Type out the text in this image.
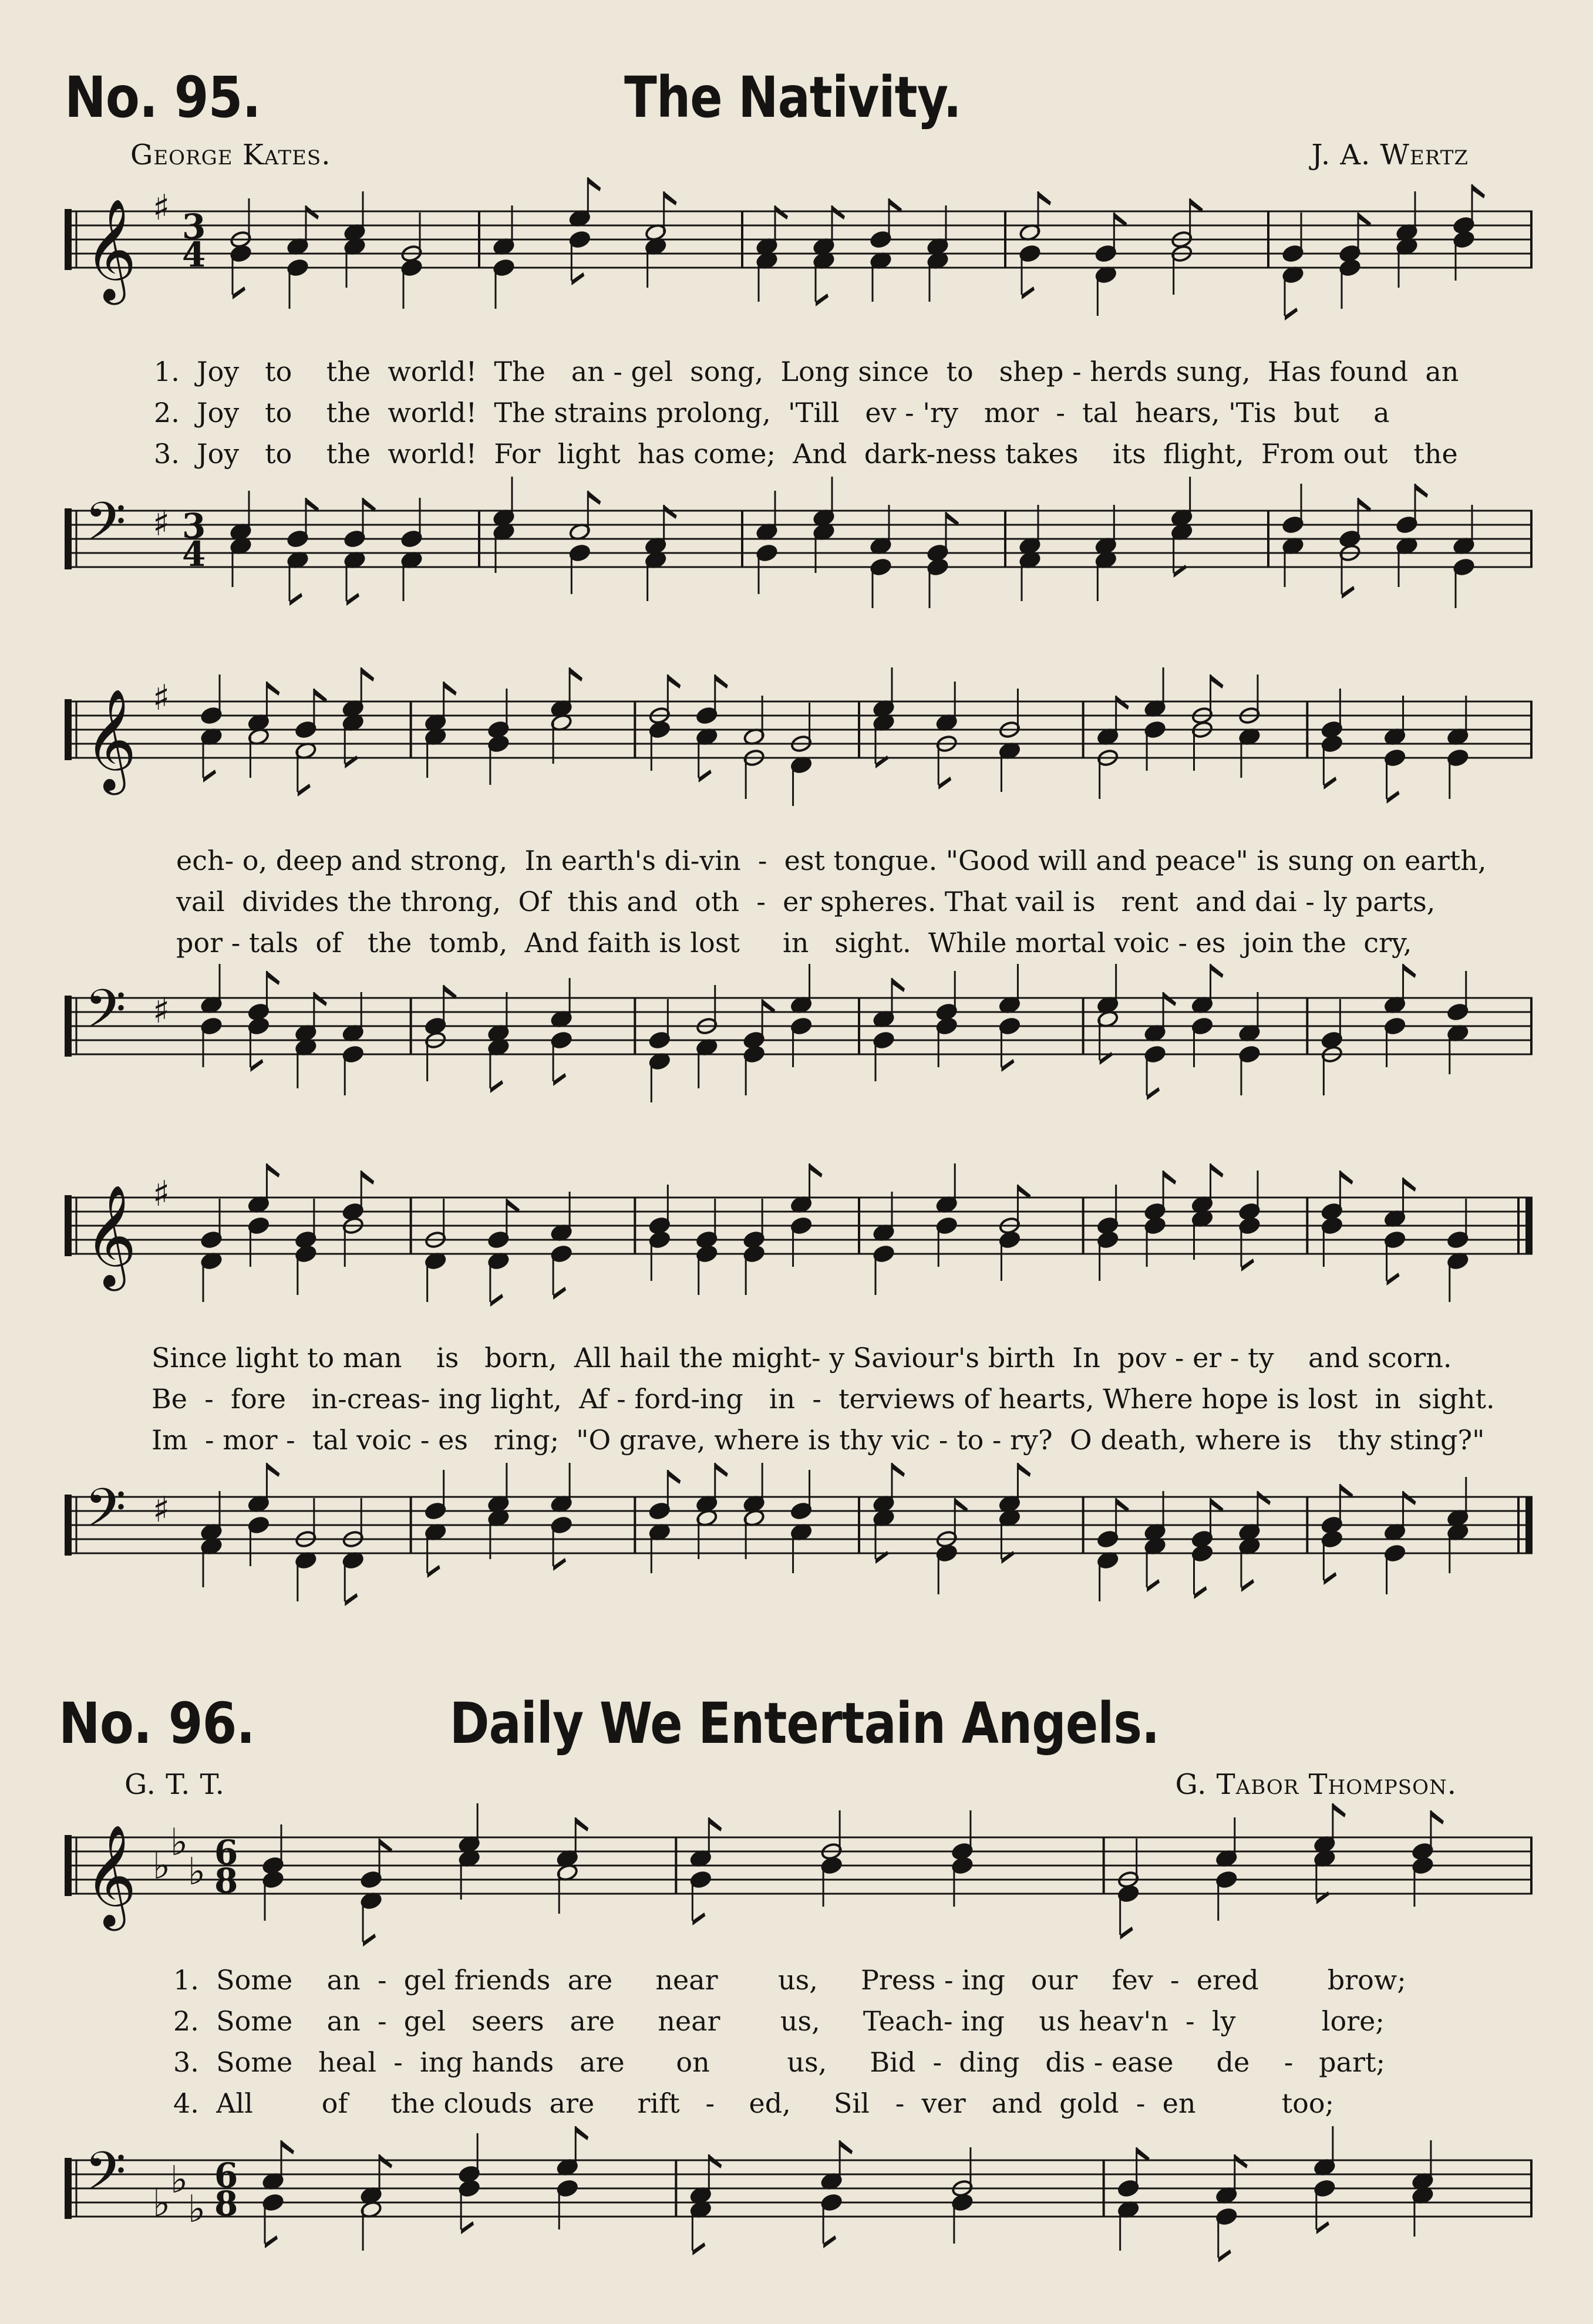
No. 95.	The Nativity.
George Kates.	J. A. Wertz
𝄞 ♯ 3
4
1.  Joy   to    the  world!  The   an - gel  song,  Long since  to   shep - herds sung,  Has found  an
2.  Joy   to    the  world!  The strains prolong,  'Till   ev - 'ry   mor  -  tal  hears, 'Tis  but    a
3.  Joy   to    the  world!  For  light  has come;  And  dark-ness takes    its  flight,  From out   the
𝄢 ♯ 3
4
𝄞 ♯
ech- o, deep and strong,  In earth's di-vin  -  est tongue. "Good will and peace" is sung on earth,
vail  divides the throng,  Of  this and  oth  -  er spheres. That vail is   rent  and dai - ly parts,
por - tals  of   the  tomb,  And faith is lost     in   sight.  While mortal voic - es  join the  cry,
𝄢 ♯
𝄞 ♯
Since light to man    is   born,  All hail the might- y Saviour's birth  In  pov - er - ty    and scorn.
Be  -  fore   in-creas- ing light,  Af - ford-ing   in  -  terviews of hearts, Where hope is lost  in  sight.
Im  - mor -  tal voic - es   ring;  "O grave, where is thy vic - to - ry?  O death, where is   thy sting?"
𝄢 ♯
No. 96.	Daily We Entertain Angels.
G. T. T.	G. Tabor Thompson.
𝄞 ♭
♭
♭ 6
8
1.  Some    an  -  gel friends  are     near       us,     Press - ing   our    fev  -  ered        brow;
2.  Some    an  -  gel   seers   are     near       us,     Teach- ing    us heav'n  -  ly          lore;
3.  Some   heal  -  ing hands   are      on         us,     Bid  -  ding   dis - ease     de    -   part;
4.  All        of     the clouds  are     rift   -    ed,     Sil   -  ver   and  gold  -  en          too;
𝄢 ♭
♭
♭
6
8
